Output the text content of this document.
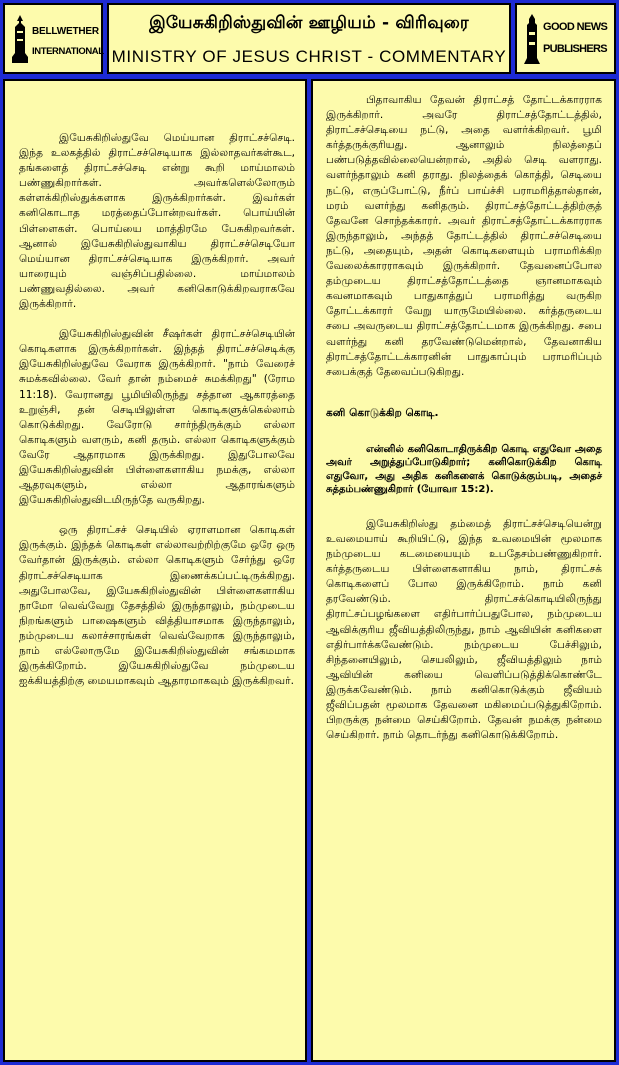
BELLWETHER
INTERNATIONAL
இயேசுகிறிஸ்துவின் ஊழியம் - விரிவுரை
MINISTRY OF JESUS CHRIST - COMMENTARY
GOOD NEWS
PUBLISHERS

இயேசுகிறிஸ்துவே மெய்யான திராட்சச்செடி. இந்த உலகத்தில் திராட்சச்செடியாக இல்லாதவர்கள்கூட, தங்களைத் திராட்சச்செடி என்று கூறி மாய்மாலம் பண்ணுகிறார்கள். அவர்களெல்லோரும் கள்ளக்கிறிஸ்துக்களாக இருக்கிறார்கள். இவர்கள் கனிகொடாத மரத்தைப்போன்றவர்கள். பொய்யின் பிள்ளைகள். பொய்யை மாத்திரமே பேசுகிறவர்கள். ஆனால் இயேசுகிறிஸ்துவாகிய திராட்சச்செடியோ மெய்யான திராட்சச்செடியாக இருக்கிறார். அவர் யாரையும் வஞ்சிப்பதில்லை. மாய்மாலம் பண்ணுவதில்லை. அவர் கனிகொடுக்கிறவராகவே இருக்கிறார்.

இயேசுகிறிஸ்துவின் சீஷர்கள் திராட்சச்செடியின் கொடிகளாக இருக்கிறார்கள். இந்தத் திராட்சச்செடிக்கு இயேசுகிறிஸ்துவே வேராக இருக்கிறார். "நாம் வேரைச் சுமக்கவில்லை. வேர் தான் நம்மைச் சுமக்கிறது" (ரோம 11:18). வேரானது பூமியிலிருந்து சத்தான ஆகாரத்தை உறுஞ்சி, தன் செடியிலுள்ள கொடிகளுக்கெல்லாம் கொடுக்கிறது. வேரோடு சார்ந்திருக்கும் எல்லா கொடிகளும் வளரும், கனி தரும். எல்லா கொடிகளுக்கும் வேரே ஆதாரமாக இருக்கிறது. இதுபோலவே இயேசுகிறிஸ்துவின் பிள்ளைகளாகிய நமக்கு, எல்லா ஆதரவுகளும், எல்லா ஆதாரங்களும் இயேசுகிறிஸ்துவிடமிருந்தே வருகிறது.

ஒரு திராட்சச் செடியில் ஏராளமான கொடிகள் இருக்கும். இந்தக் கொடிகள் எல்லாவற்றிற்குமே ஒரே ஒரு வேர்தான் இருக்கும். எல்லா கொடிகளும் சேர்ந்து ஒரே திராட்சச்செடியாக இணைக்கப்பட்டிருக்கிறது. அதுபோலவே, இயேசுகிறிஸ்துவின் பிள்ளைகளாகிய நாமோ வெவ்வேறு தேசத்தில் இருந்தாலும், நம்முடைய நிறங்களும் பாஷைகளும் வித்தியாசமாக இருந்தாலும், நம்முடைய கலாச்சாரங்கள் வெவ்வேறாக இருந்தாலும், நாம் எல்லோருமே இயேசுகிறிஸ்துவின் சங்கமமாக இருக்கிறோம். இயேசுகிறிஸ்துவே நம்முடைய ஐக்கியத்திற்கு மையமாகவும் ஆதாரமாகவும் இருக்கிறவர்.

பிதாவாகிய தேவன் திராட்சத் தோட்டக்காரராக இருக்கிறார். அவரே திராட்சத்தோட்டத்தில், திராட்சச்செடியை நட்டு, அதை வளர்க்கிறவர். பூமி கர்த்தருக்குரியது. ஆனாலும் நிலத்தைப் பண்படுத்தவில்லையென்றால், அதில் செடி வளராது. வளர்ந்தாலும் கனி தராது. நிலத்தைக் கொத்தி, செடியை நட்டு, எருப்போட்டு, நீர்ப் பாய்ச்சி பராமரித்தால்தான், மரம் வளர்ந்து கனிதரும். திராட்சத்தோட்டத்திற்குத் தேவனே சொந்தக்காரர். அவர் திராட்சத்தோட்டக்காரராக இருந்தாலும், அந்தத் தோட்டத்தில் திராட்சச்செடியை நட்டு, அதையும், அதன் கொடிகளையும் பராமரிக்கிற வேலைக்காரராகவும் இருக்கிறார். தேவனைப்போல தம்முடைய திராட்சத்தோட்டத்தை ஞானமாகவும் கவனமாகவும் பாதுகாத்துப் பராமரித்து வருகிற தோட்டக்காரர் வேறு யாருமேயில்லை. கர்த்தருடைய சபை அவருடைய திராட்சத்தோட்டமாக இருக்கிறது. சபை வளர்ந்து கனி தரவேண்டுமென்றால், தேவனாகிய திராட்சத்தோட்டக்காரனின் பாதுகாப்பும் பராமரிப்பும் சபைக்குத் தேவைப்படுகிறது.

கனி கொடுக்கிற கொடி.

என்னில் கனிகொடாதிருக்கிற கொடி எதுவோ அதை அவர் அறுத்துப்போடுகிறார்; கனிகொடுக்கிற கொடி எதுவோ, அது அதிக கனிகளைக் கொடுக்கும்படி, அதைச் சுத்தம்பண்ணுகிறார் (யோவா 15:2).

இயேசுகிறிஸ்து தம்மைத் திராட்சச்செடியென்று உவமையாய் கூறியிட்டு, இந்த உவமையின் மூலமாக நம்முடைய கடமையையும் உபதேசம்பண்ணுகிறார். கர்த்தருடைய பிள்ளைகளாகிய நாம், திராட்சக் கொடிகளைப் போல இருக்கிறோம். நாம் கனி தரவேண்டும். திராட்சக்கொடியிலிருந்து திராட்சப்பழங்களை எதிர்பார்ப்பதுபோல, நம்முடைய ஆவிக்குரிய ஜீவியத்திலிருந்து, நாம் ஆவியின் கனிகளை எதிர்பார்க்கவேண்டும். நம்முடைய பேச்சிலும், சிந்தனையிலும், செயலிலும், ஜீவியத்திலும் நாம் ஆவியின் கனியை வெளிப்படுத்திக்கொண்டே இருக்கவேண்டும். நாம் கனிகொடுக்கும் ஜீவியம் ஜீவிப்பதன் மூலமாக தேவனை மகிமைப்படுத்துகிறோம். பிறருக்கு நன்மை செய்கிறோம். தேவன் நமக்கு நன்மை செய்கிறார். நாம் தொடர்ந்து கனிகொடுக்கிறோம்.
